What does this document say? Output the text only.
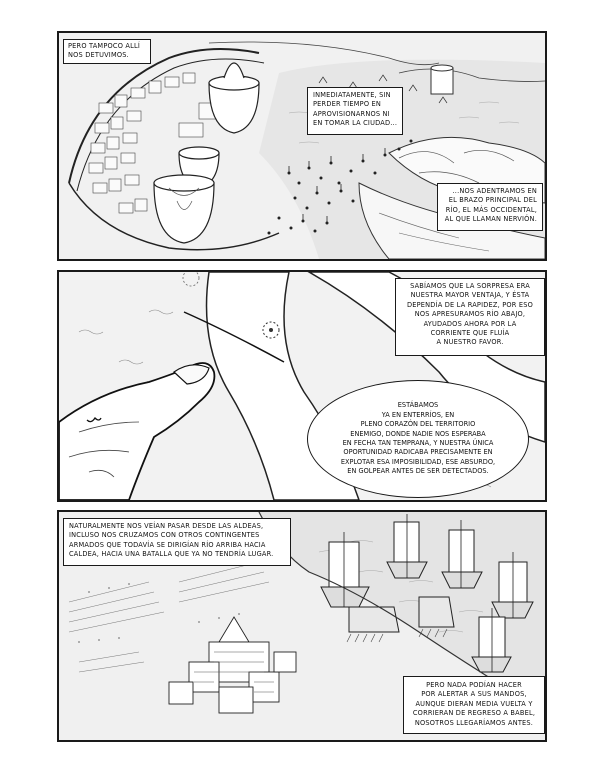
PERO TAMPOCO ALLÍ
NOS DETUVIMOS.
INMEDIATAMENTE, SIN
PERDER TIEMPO EN
APROVISIONARNOS NI
EN TOMAR LA CIUDAD...
...NOS ADENTRAMOS EN
EL BRAZO PRINCIPAL DEL
RÍO, EL MÁS OCCIDENTAL,
AL QUE LLAMAN NERVIÓN.
SABÍAMOS QUE LA SORPRESA ERA
NUESTRA MAYOR VENTAJA, Y ÉSTA
DEPENDÍA DE LA RAPIDEZ, POR ESO
NOS APRESURAMOS RÍO ABAJO,
AYUDADOS AHORA POR LA
CORRIENTE QUE FLUÍA
A NUESTRO FAVOR.
ESTÁBAMOS
YA EN ENTERRÍOS, EN
PLENO CORAZÓN DEL TERRITORIO
ENEMIGO, DONDE NADIE NOS ESPERABA
EN FECHA TAN TEMPRANA, Y NUESTRA ÚNICA
OPORTUNIDAD RADICABA PRECISAMENTE EN
EXPLOTAR ESA IMPOSIBILIDAD, ESE ABSURDO,
EN GOLPEAR ANTES DE SER DETECTADOS.
NATURALMENTE NOS VEÍAN PASAR DESDE LAS ALDEAS,
INCLUSO NOS CRUZAMOS CON OTROS CONTINGENTES
ARMADOS QUE TODAVÍA SE DIRIGÍAN RÍO ARRIBA HACIA
CALDEA, HACIA UNA BATALLA QUE YA NO TENDRÍA LUGAR.
PERO NADA PODÍAN HACER
POR ALERTAR A SUS MANDOS,
AUNQUE DIERAN MEDIA VUELTA Y
CORRIERAN DE REGRESO A BABEL,
NOSOTROS LLEGARÍAMOS ANTES.
